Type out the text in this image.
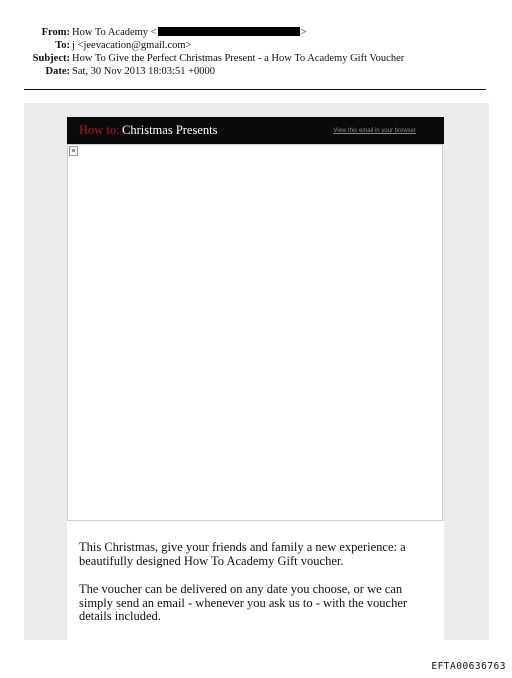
From: How To Academy <	>
To: j <jeevacation@gmail.com>
Subject: How To Give the Perfect Christmas Present - a How To Academy Gift Voucher
Date: Sat, 30 Nov 2013 18:03:51 +0000
How to: Christmas Presents	View this email in your browser
This Christmas, give your friends and family a new experience: a beautifully designed How To Academy Gift voucher.
The voucher can be delivered on any date you choose, or we can simply send an email - whenever you ask us to - with the voucher details included.
EFTA00636763
